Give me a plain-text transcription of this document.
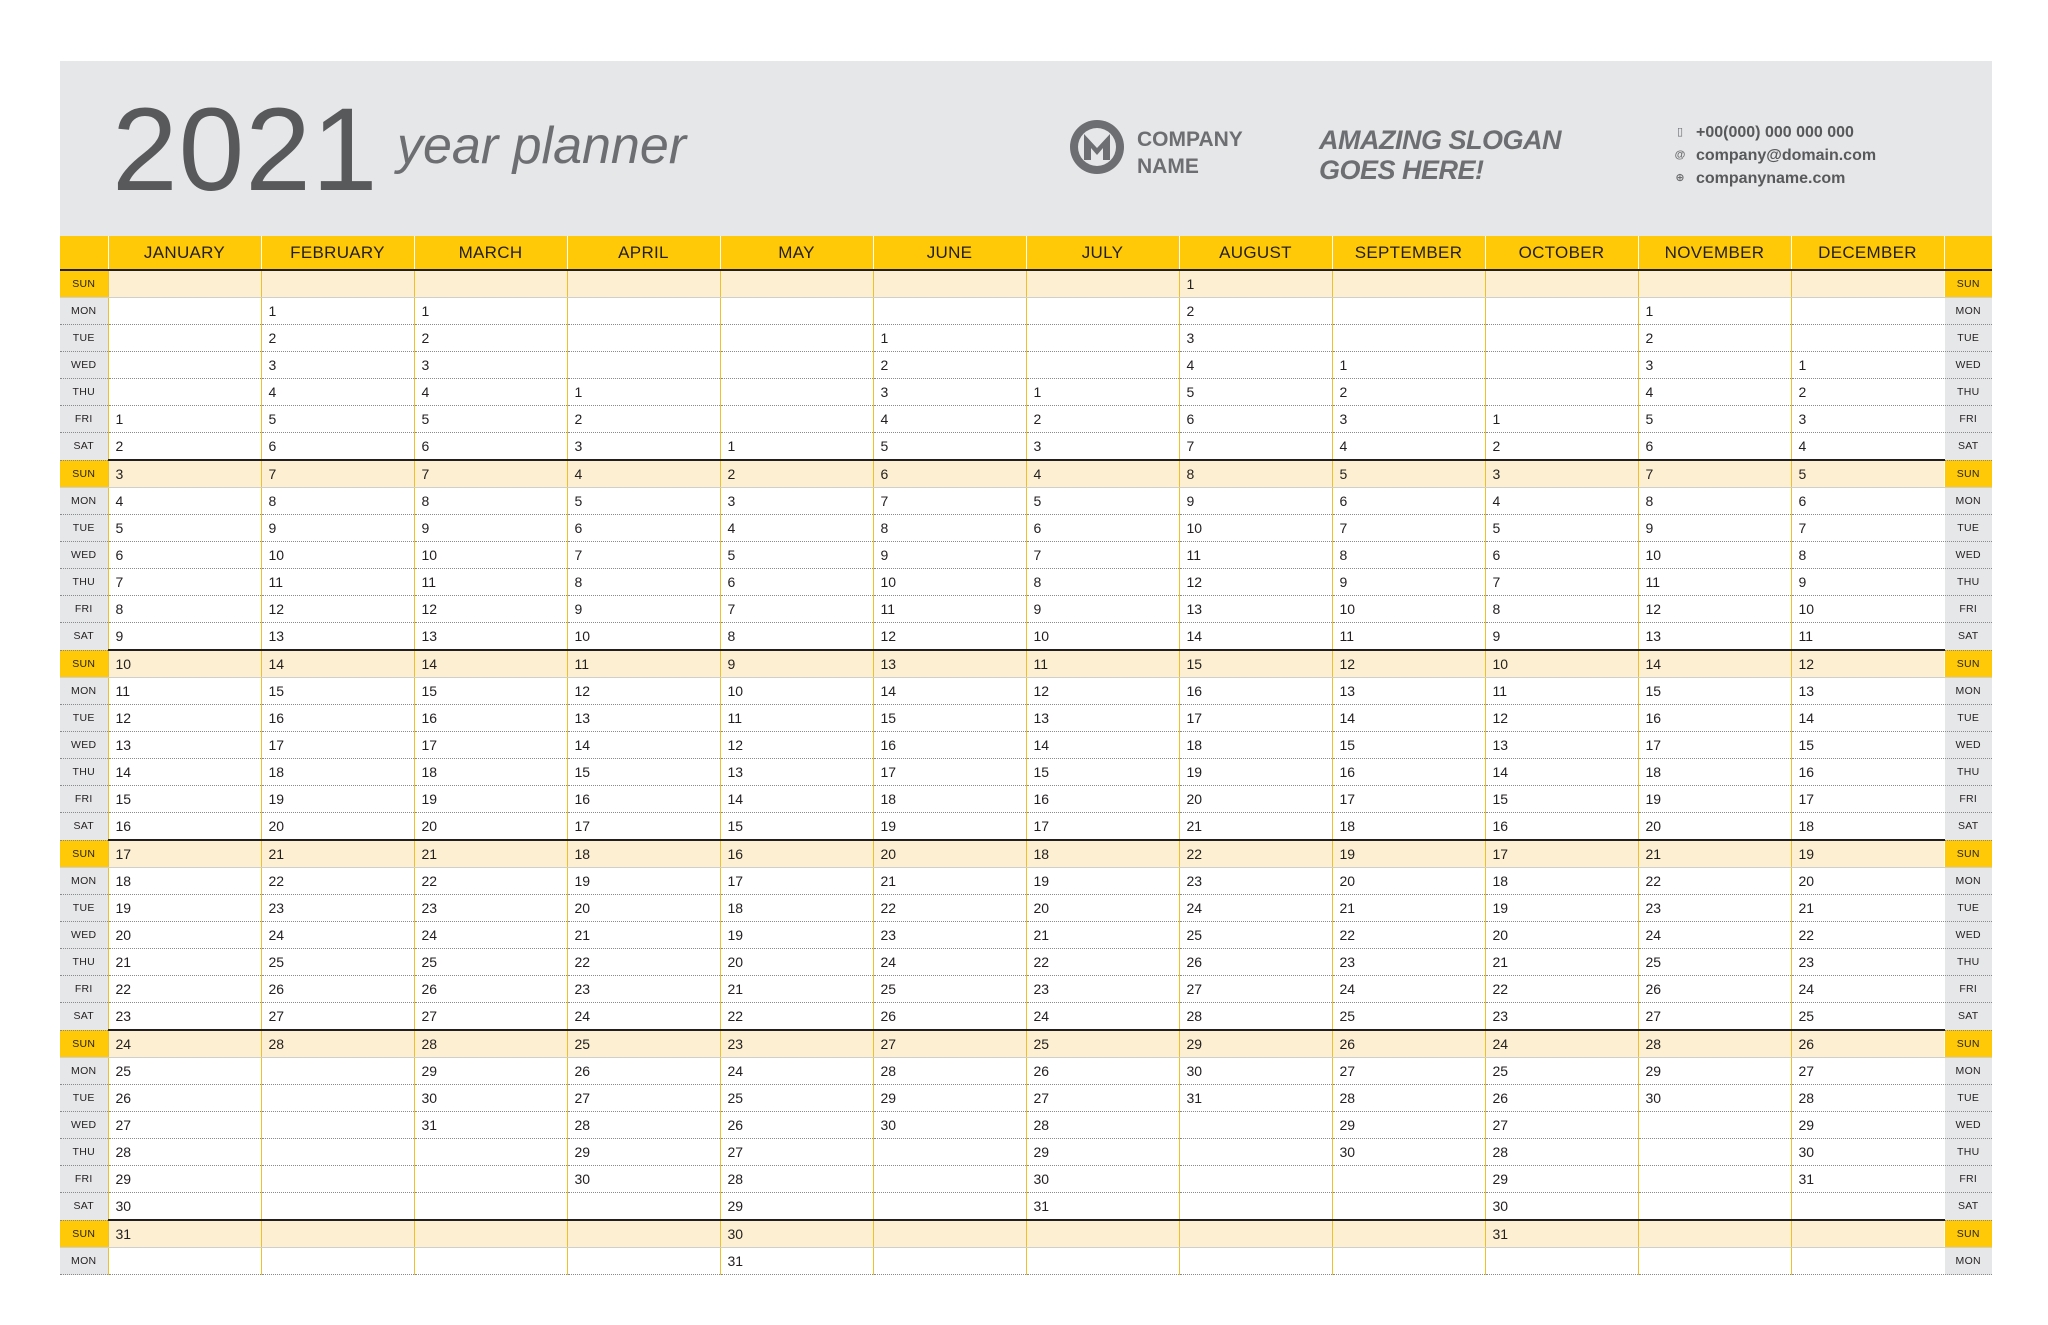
2021 year planner	COMPANY
NAME
AMAZING SLOGAN
GOES HERE!
▯ +00(000) 000 000 000
@ company@domain.com
⊕ companyname.com
	JANUARY	FEBRUARY	MARCH	APRIL	MAY	JUNE	JULY	AUGUST	SEPTEMBER	OCTOBER	NOVEMBER	DECEMBER	
SUN								1					SUN
MON		1	1					2			1		MON
TUE		2	2			1		3			2		TUE
WED		3	3			2		4	1		3	1	WED
THU		4	4	1		3	1	5	2		4	2	THU
FRI	1	5	5	2		4	2	6	3	1	5	3	FRI
SAT	2	6	6	3	1	5	3	7	4	2	6	4	SAT
SUN	3	7	7	4	2	6	4	8	5	3	7	5	SUN
MON	4	8	8	5	3	7	5	9	6	4	8	6	MON
TUE	5	9	9	6	4	8	6	10	7	5	9	7	TUE
WED	6	10	10	7	5	9	7	11	8	6	10	8	WED
THU	7	11	11	8	6	10	8	12	9	7	11	9	THU
FRI	8	12	12	9	7	11	9	13	10	8	12	10	FRI
SAT	9	13	13	10	8	12	10	14	11	9	13	11	SAT
SUN	10	14	14	11	9	13	11	15	12	10	14	12	SUN
MON	11	15	15	12	10	14	12	16	13	11	15	13	MON
TUE	12	16	16	13	11	15	13	17	14	12	16	14	TUE
WED	13	17	17	14	12	16	14	18	15	13	17	15	WED
THU	14	18	18	15	13	17	15	19	16	14	18	16	THU
FRI	15	19	19	16	14	18	16	20	17	15	19	17	FRI
SAT	16	20	20	17	15	19	17	21	18	16	20	18	SAT
SUN	17	21	21	18	16	20	18	22	19	17	21	19	SUN
MON	18	22	22	19	17	21	19	23	20	18	22	20	MON
TUE	19	23	23	20	18	22	20	24	21	19	23	21	TUE
WED	20	24	24	21	19	23	21	25	22	20	24	22	WED
THU	21	25	25	22	20	24	22	26	23	21	25	23	THU
FRI	22	26	26	23	21	25	23	27	24	22	26	24	FRI
SAT	23	27	27	24	22	26	24	28	25	23	27	25	SAT
SUN	24	28	28	25	23	27	25	29	26	24	28	26	SUN
MON	25		29	26	24	28	26	30	27	25	29	27	MON
TUE	26		30	27	25	29	27	31	28	26	30	28	TUE
WED	27		31	28	26	30	28		29	27		29	WED
THU	28			29	27		29		30	28		30	THU
FRI	29			30	28		30			29		31	FRI
SAT	30				29		31			30			SAT
SUN	31				30					31			SUN
MON					31								MON
